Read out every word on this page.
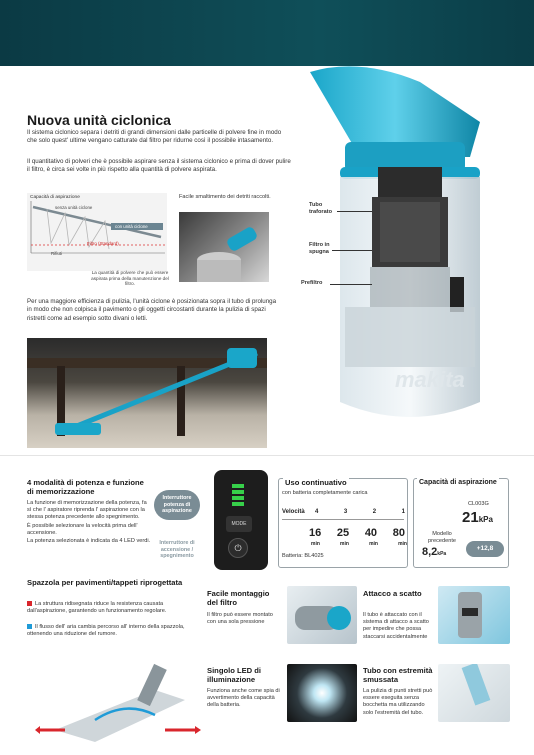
makita
Nuova unità ciclonica

Il sistema ciclonico separa i detriti di grandi dimensioni dalle particelle di polvere fine in modo che solo quest' ultime vengano catturate dal filtro per ridurne così il possibile intasamento.

Il quantitativo di polveri che è possibile aspirare senza il sistema ciclonico e prima di dover pulire il filtro, è circa sei volte in più rispetto alla quantità di polvere aspirata.

Capacità di aspirazione
senza unità ciclone
con unità ciclone
Filtro (Standard)
Rifiuti

La quantità di polvere che può essere aspirata prima della manutenzione del filtro.

Facile smaltimento dei detriti raccolti.

Tubo
traforato
Filtro in
spugna
Prefiltro

Per una maggiore efficienza di pulizia, l'unità ciclone è posizionata sopra il tubo di prolunga in modo che non colpisca il pavimento o gli oggetti circostanti durante la pulizia di spazi ristretti come ad esempio sotto divani o letti.

4 modalità di potenza e funzione di memorizzazione
La funzione di memorizzazione della potenza, fa sì che l' aspiratore riprenda l' aspirazione con la stessa potenza precedente allo spegnimento.
È possibile selezionare la velocità prima dell' accensione.
La potenza selezionata è indicata da 4 LED verdi.
Interruttore potenza di aspirazione
Interruttore di accensione / spegnimento
MODE
⏻
Uso continuativo
con batteria completamente carica
Velocità 4	3	2	1
16 25 40 80
min	min	min	min
Batteria: BL4025
Capacità di aspirazione
CL003G
21kPa
Modello precedente
8,2kPa
+12,8
Spazzola per pavimenti/tappeti riprogettata
La struttura ridisegnata riduce la resistenza causata dall'aspirazione, garantendo un funzionamento regolare.
Il flusso dell' aria cambia percorso all' interno della spazzola, ottenendo una riduzione del rumore.
Facile montaggio del filtro
Il filtro può essere montato con una sola pressione
Attacco a scatto
Il tubo è attaccato con il sistema di attacco a scatto per impedire che possa staccarsi accidentalmente
Singolo LED di illuminazione
Funziona anche come spia di avvertimento della capacità della batteria.
Tubo con estremità smussata
La pulizia di punti stretti può essere eseguita senza bocchetta ma utilizzando solo l'estremità del tubo.
